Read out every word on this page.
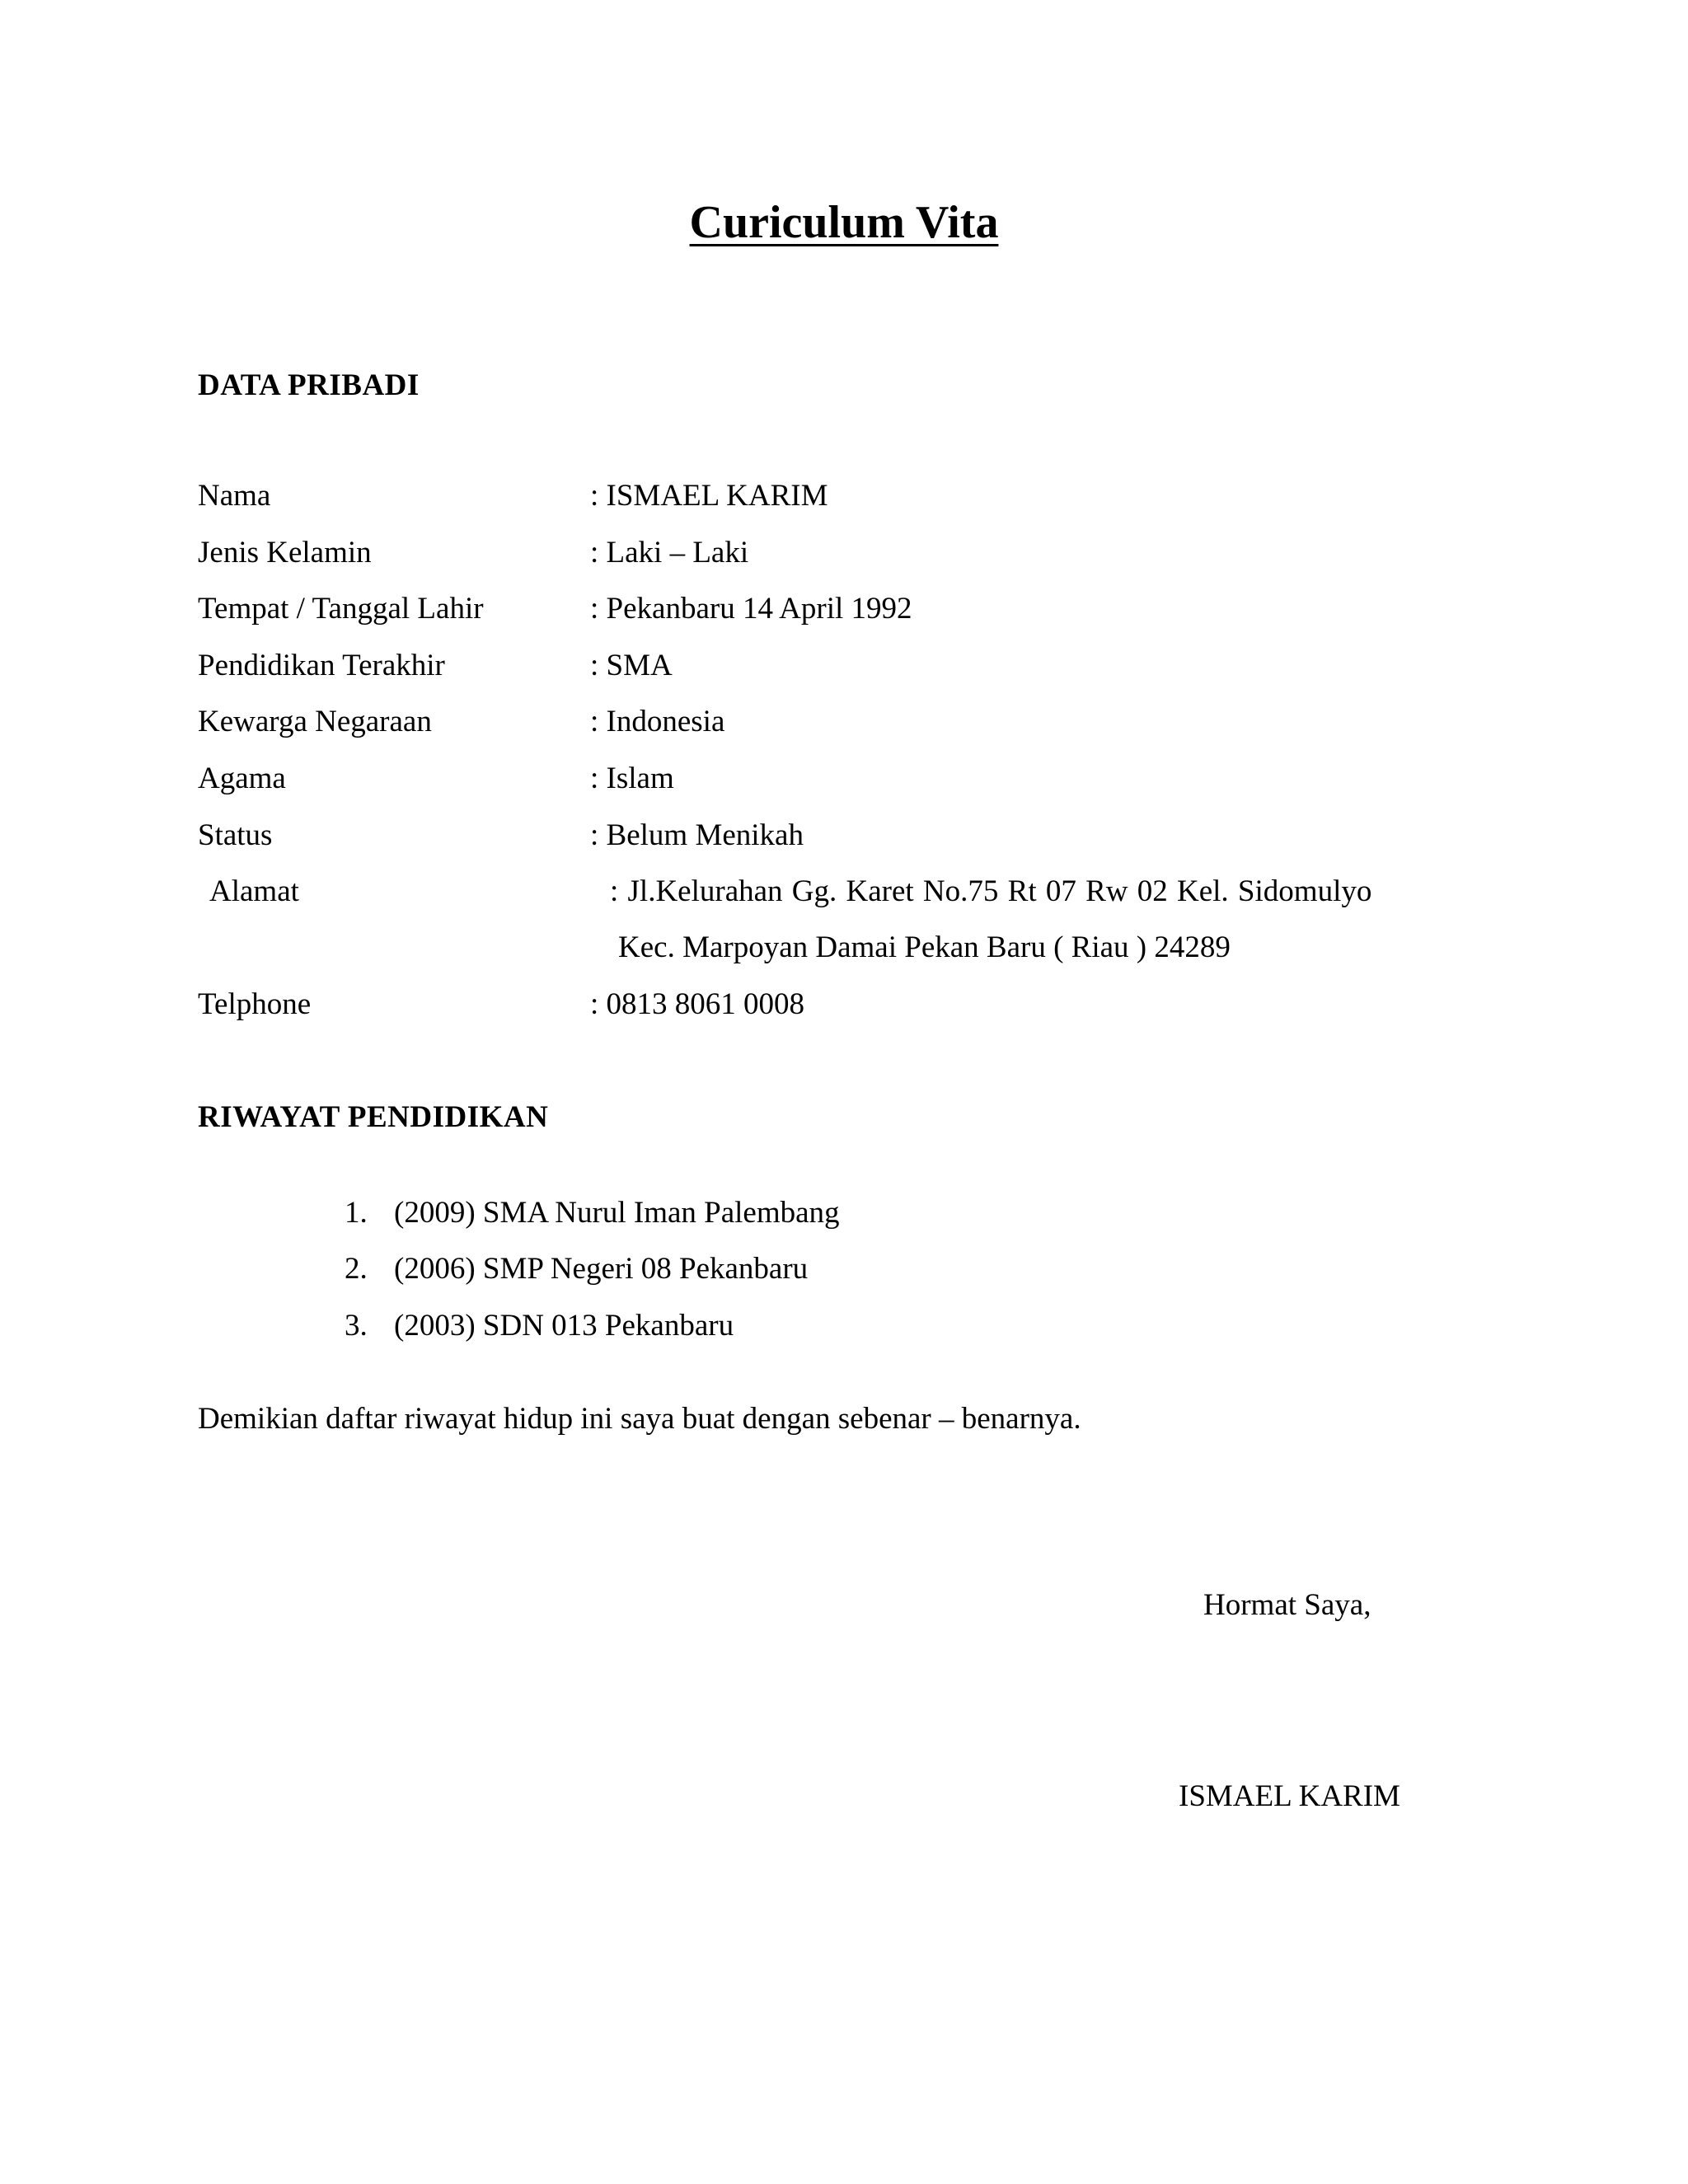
Curiculum Vita
DATA PRIBADI
Nama	: ISMAEL KARIM
Jenis Kelamin	: Laki – Laki
Tempat / Tanggal Lahir	: Pekanbaru 14 April 1992
Pendidikan Terakhir	: SMA
Kewarga Negaraan	: Indonesia
Agama	: Islam
Status	: Belum Menikah
Alamat	: Jl.Kelurahan Gg. Karet No.75 Rt 07 Rw 02 Kel. Sidomulyo
Kec. Marpoyan Damai Pekan Baru ( Riau ) 24289
Telphone	: 0813 8061 0008
RIWAYAT PENDIDIKAN
1. (2009) SMA Nurul Iman Palembang
2. (2006) SMP Negeri 08 Pekanbaru
3. (2003) SDN 013 Pekanbaru
Demikian daftar riwayat hidup ini saya buat dengan sebenar – benarnya.
Hormat Saya,
ISMAEL KARIM
